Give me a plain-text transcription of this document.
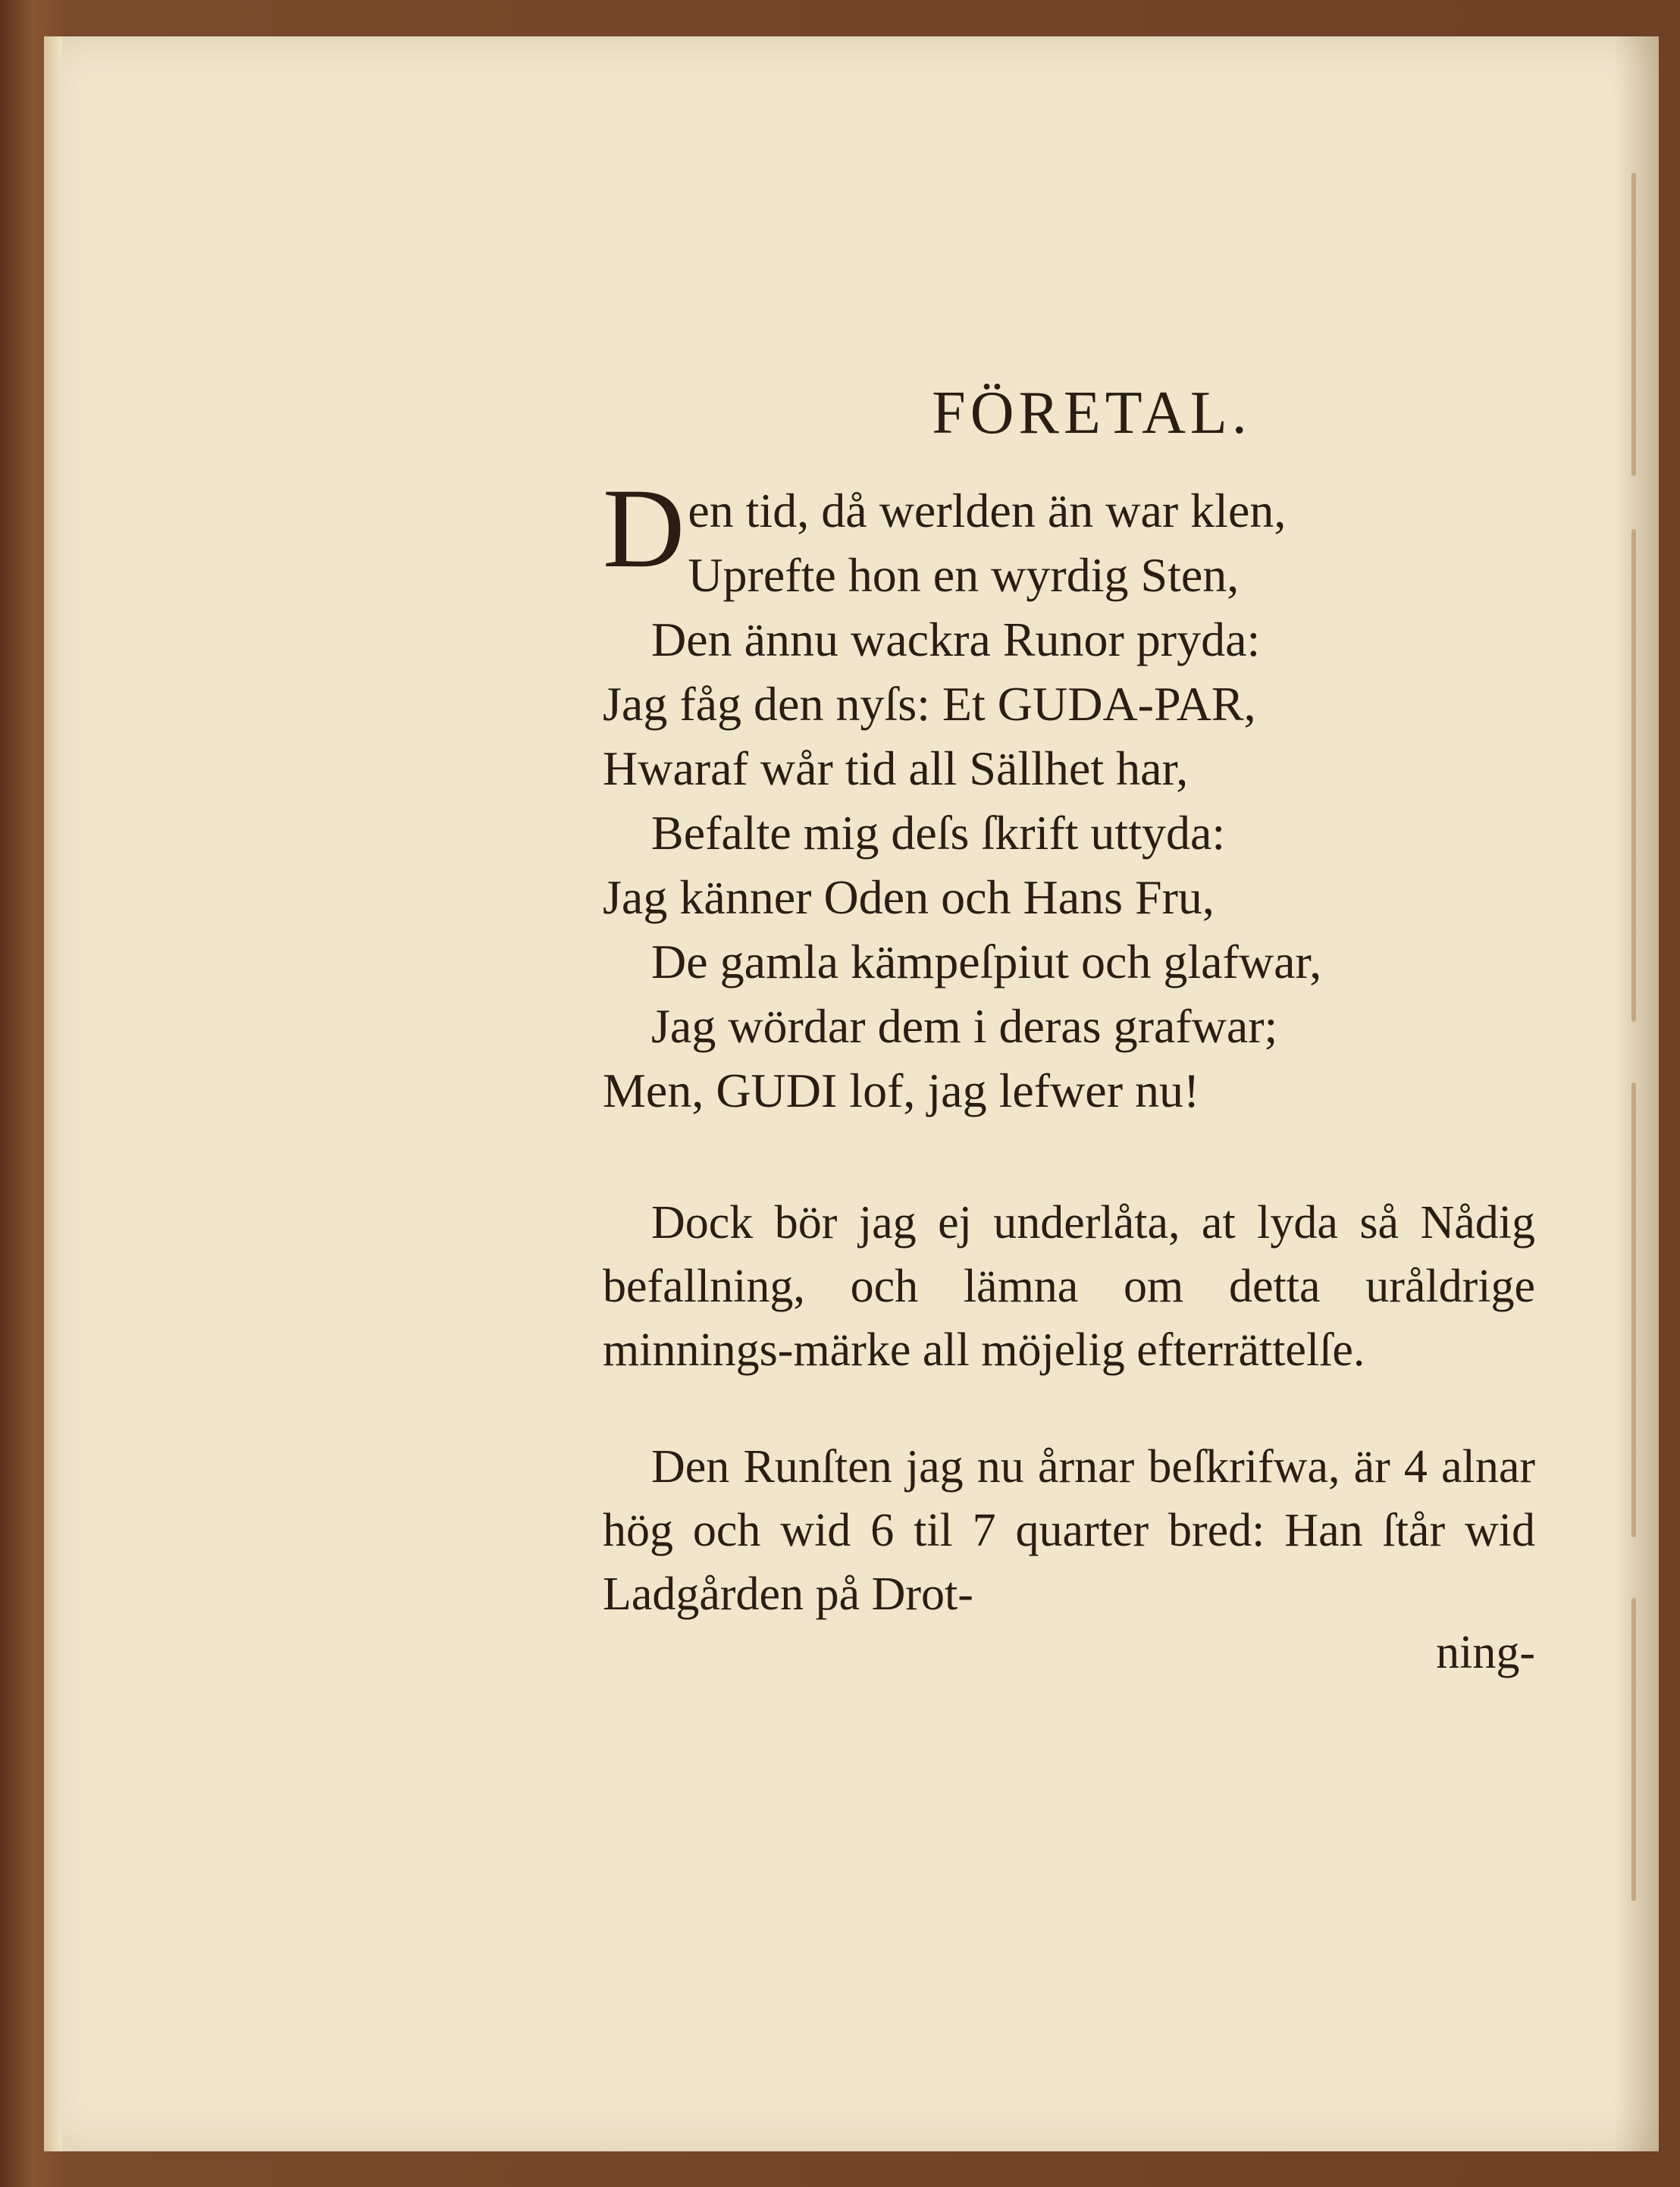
FÖRETAL.
Den tid, då werlden än war klen,
Uprefte hon en wyrdig Sten,
Den ännu wackra Runor pryda:
Jag fåg den nyſs: Et GUDA-PAR,
Hwaraf wår tid all Sällhet har,
Befalte mig deſs ſkrift uttyda:
Jag känner Oden och Hans Fru,
De gamla kämpeſpiut och glafwar,
Jag wördar dem i deras grafwar;
Men, GUDI lof, jag lefwer nu!

Dock bör jag ej underlåta, at lyda så Nådig befallning, och lämna om detta uråldrige minnings-märke all möjelig efterrättelſe.

Den Runſten jag nu årnar beſkrifwa, är 4 alnar hög och wid 6 til 7 quarter bred: Han ſtår wid Ladgården på Drot-

ning-
